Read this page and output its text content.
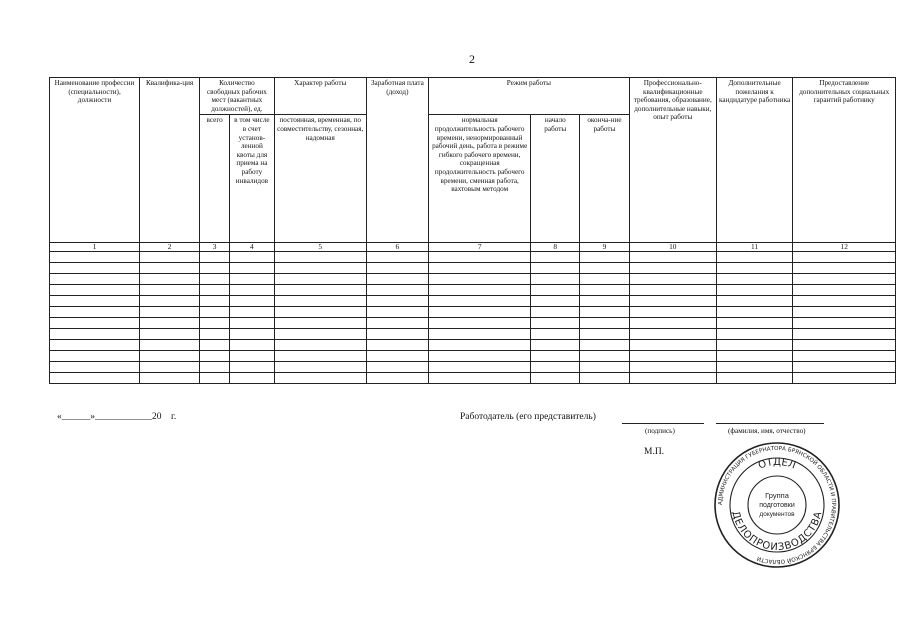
2
Наименование профессии (специальности), должности	Квалифика-ция	Количество свободных рабочих мест (вакантных должностей), ед.		Характер работы	Заработная плата (доход)	Режим работы			Профессионально-квалификационные требования, образование, дополнительные навыки, опыт работы	Дополнительные пожелания к кандидатуре работника	Предоставление дополнительных социальных гарантий работнику
		всего	в том числе в счет установ-ленной квоты для приема на работу инвалидов	постоянная, временная, по совместительству, сезонная, надомная		нормальная продолжительность рабочего времени, ненормированный рабочий день, работа в режиме гибкого рабочего времени, сокращенная продолжительность рабочего времени, сменная работа, вахтовым методом	начало работы	оконча-ние работы			
1	2	3	4	5	6	7	8	9	10	11	12

«______»____________20    г.	Работодатель (его представитель)
(подпись)	(фамилия, имя, отчество)
М.П.
АДМИНИСТРАЦИЯ ГУБЕРНАТОРА БРЯНСКОЙ ОБЛАСТИ И ПРАВИТЕЛЬСТВА БРЯНСКОЙ ОБЛАСТИ
ОТДЕЛ
ДЕЛОПРОИЗВОДСТВА
Группа
подготовки
документов
